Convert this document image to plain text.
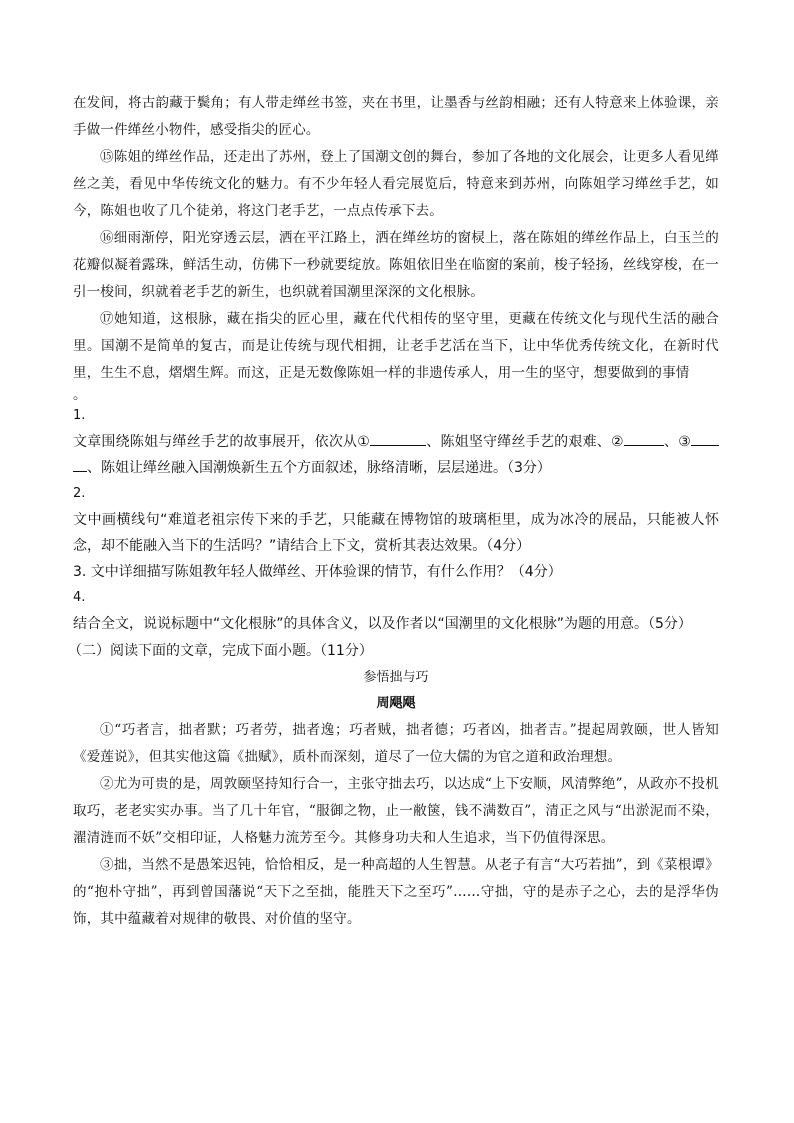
在发间，将古韵藏于鬓角；有人带走缂丝书签，夹在书里，让墨香与丝韵相融；还有人特意来上体验课，亲手做一件缂丝小物件，感受指尖的匠心。

⑮陈姐的缂丝作品，还走出了苏州，登上了国潮文创的舞台，参加了各地的文化展会，让更多人看见缂丝之美，看见中华传统文化的魅力。有不少年轻人看完展览后，特意来到苏州，向陈姐学习缂丝手艺，如今，陈姐也收了几个徒弟，将这门老手艺，一点点传承下去。

⑯细雨渐停，阳光穿透云层，洒在平江路上，洒在缂丝坊的窗棂上，落在陈姐的缂丝作品上，白玉兰的花瓣似凝着露珠，鲜活生动，仿佛下一秒就要绽放。陈姐依旧坐在临窗的案前，梭子轻扬，丝线穿梭，在一引一梭间，织就着老手艺的新生，也织就着国潮里深深的文化根脉。

⑰她知道，这根脉，藏在指尖的匠心里，藏在代代相传的坚守里，更藏在传统文化与现代生活的融合里。国潮不是简单的复古，而是让传统与现代相拥，让老手艺活在当下，让中华优秀传统文化，在新时代里，生生不息，熠熠生辉。而这，正是无数像陈姐一样的非遗传承人，用一生的坚守，想要做到的事情

。

1.

文章围绕陈姐与缂丝手艺的故事展开，依次从①	、陈姐坚守缂丝手艺的艰难、②	、③、陈姐让缂丝融入国潮焕新生五个方面叙述，脉络清晰，层层递进。（3分）

2.

文中画横线句“难道老祖宗传下来的手艺，只能藏在博物馆的玻璃柜里，成为冰冷的展品，只能被人怀念，却不能融入当下的生活吗？”请结合上下文，赏析其表达效果。（4分）

3. 文中详细描写陈姐教年轻人做缂丝、开体验课的情节，有什么作用？（4分）

4.

结合全文，说说标题中“文化根脉”的具体含义，以及作者以“国潮里的文化根脉”为题的用意。（5分）

（二）阅读下面的文章，完成下面小题。（11分）
参悟拙与巧
周飓飓

①“巧者言，拙者默；巧者劳，拙者逸；巧者贼，拙者德；巧者凶，拙者吉。”提起周敦颐，世人皆知《爱莲说》，但其实他这篇《拙赋》，质朴而深刻，道尽了一位大儒的为官之道和政治理想。

②尤为可贵的是，周敦颐坚持知行合一，主张守拙去巧，以达成“上下安顺，风清弊绝”，从政亦不投机取巧，老老实实办事。当了几十年官，“服御之物，止一敝箧，钱不满数百”，清正之风与“出淤泥而不染，濯清涟而不妖”交相印证，人格魅力流芳至今。其修身功夫和人生追求，当下仍值得深思。

③拙，当然不是愚笨迟钝，恰恰相反，是一种高超的人生智慧。从老子有言“大巧若拙”，到《菜根谭》的“抱朴守拙”，再到曾国藩说“天下之至拙，能胜天下之至巧”……守拙，守的是赤子之心，去的是浮华伪饰，其中蕴藏着对规律的敬畏、对价值的坚守。
